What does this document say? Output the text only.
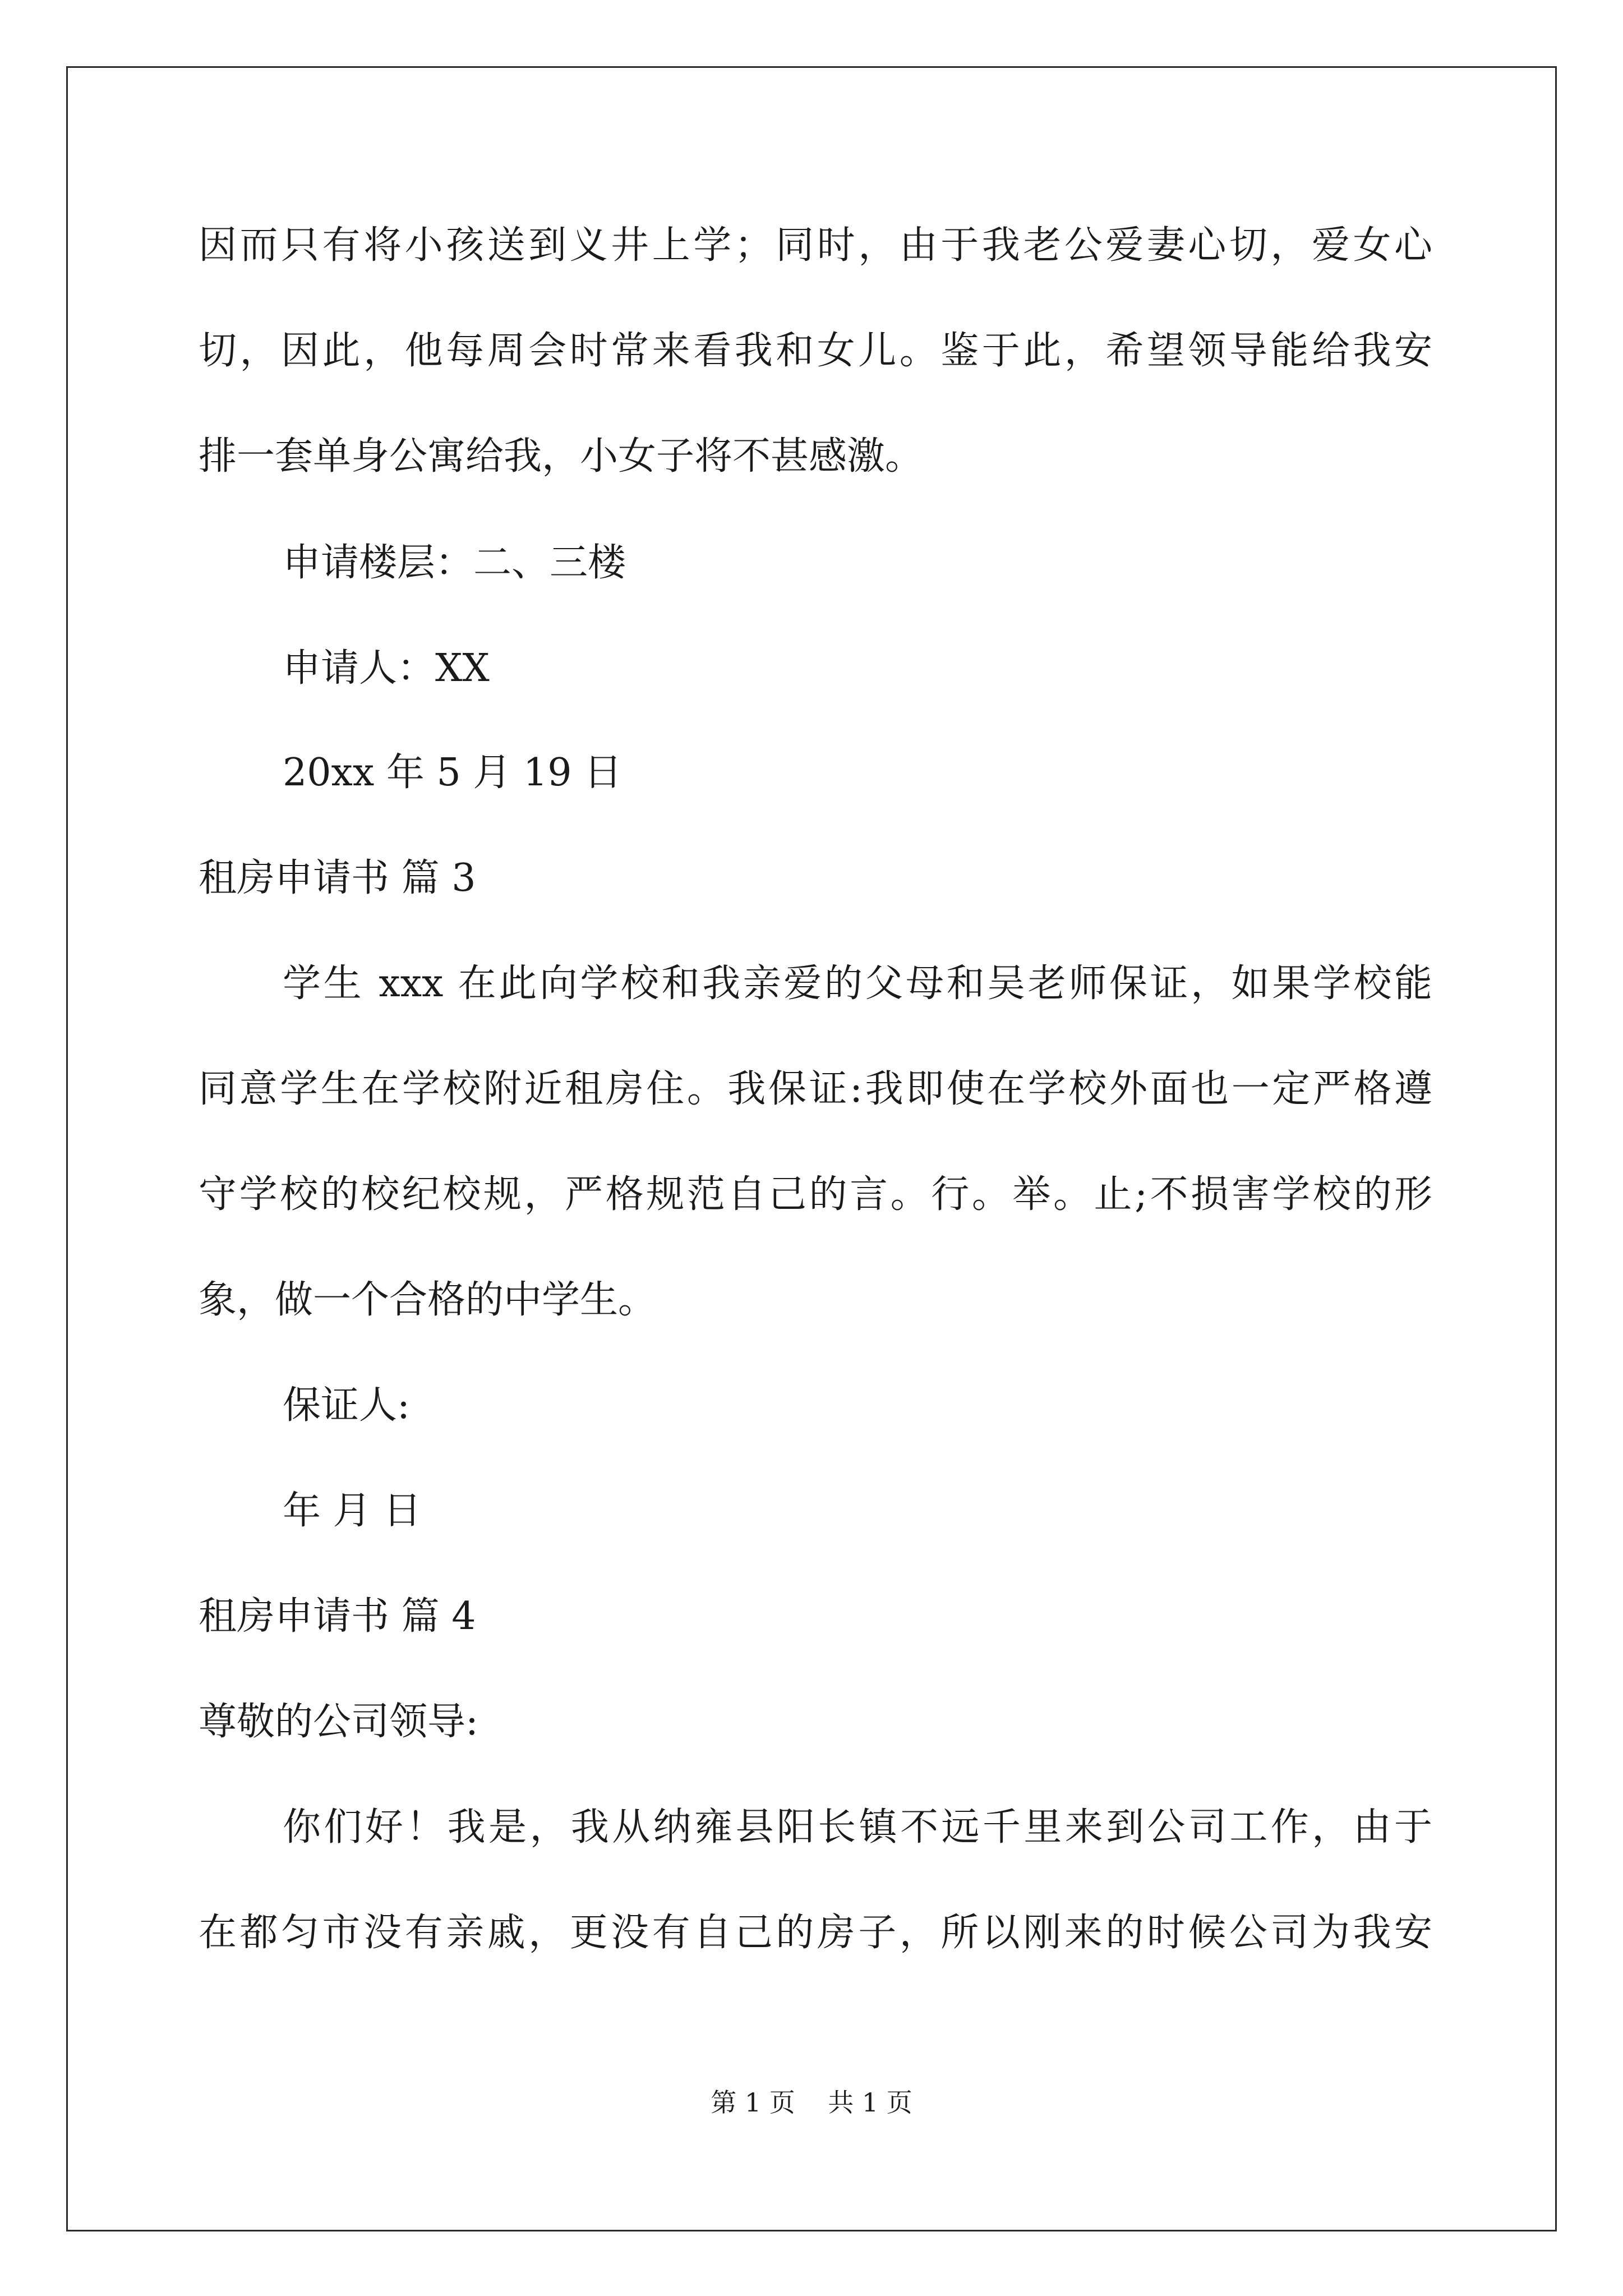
因而只有将小孩送到义井上学；同时，由于我老公爱妻心切，爱女心
切，因此，他每周会时常来看我和女儿。鉴于此，希望领导能给我安
排一套单身公寓给我，小女子将不甚感激。
申请楼层：二、三楼
申请人：XX
20xx 年 5 月 19 日
租房申请书 篇 3
学生 xxx 在此向学校和我亲爱的父母和吴老师保证，如果学校能
同意学生在学校附近租房住。我保证:我即使在学校外面也一定严格遵
守学校的校纪校规，严格规范自己的言。行。举。止;不损害学校的形
象，做一个合格的中学生。
保证人:
年 月 日
租房申请书 篇 4
尊敬的公司领导:
你们好！我是，我从纳雍县阳长镇不远千里来到公司工作，由于
在都匀市没有亲戚，更没有自己的房子，所以刚来的时候公司为我安
第 1 页    共 1 页
